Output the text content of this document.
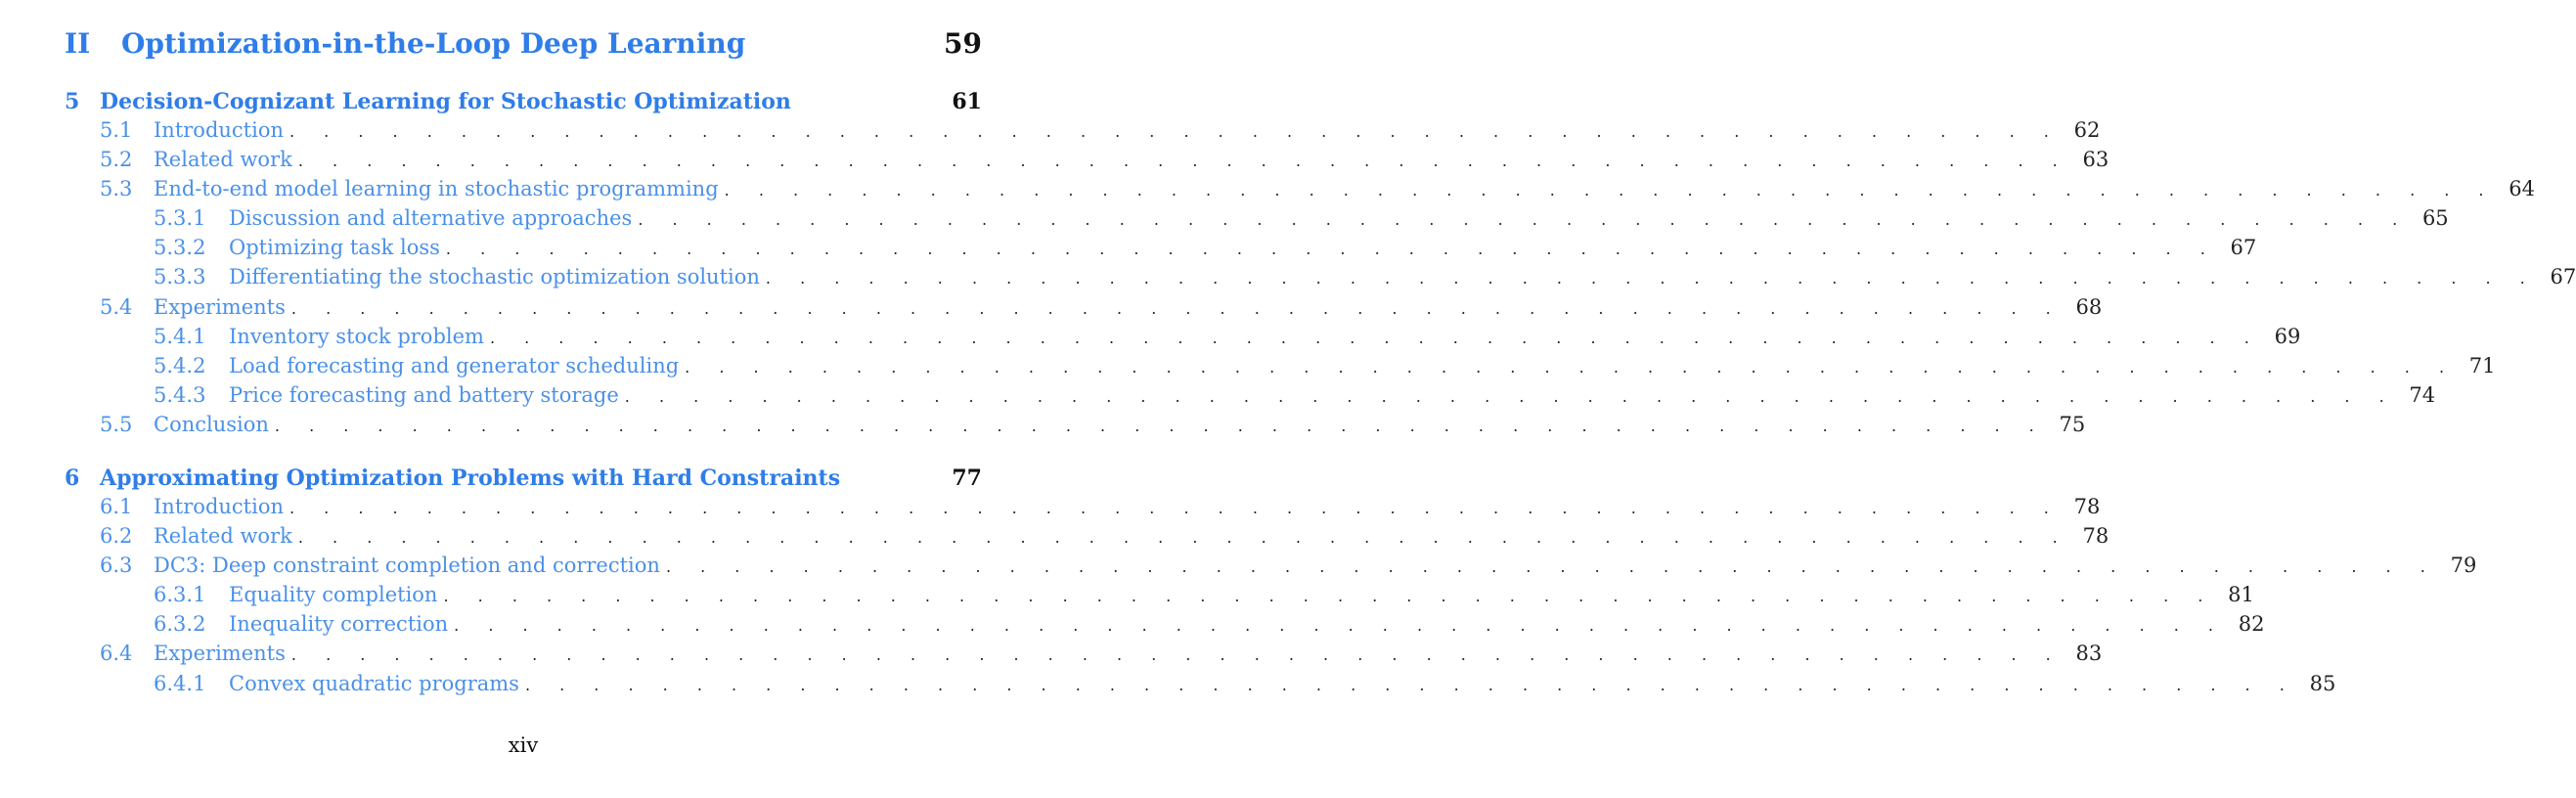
II	Optimization-in-the-Loop Deep Learning	59
5 Decision-Cognizant Learning for Stochastic Optimization	61
5.1	Introduction . . . . . . . . . . . . . . . . . . . . . . . . . . . . . . . . . . . . . . . . . . . . . . . . . . . . 62
5.2	Related work . . . . . . . . . . . . . . . . . . . . . . . . . . . . . . . . . . . . . . . . . . . . . . . . . . . . 63
5.3	End-to-end model learning in stochastic programming . . . . . . . . . . . . . . . . . . . . . . . . . . . . . . . . . . . . . . . . . . . . . . . . . . . . 64
5.3.1	Discussion and alternative approaches . . . . . . . . . . . . . . . . . . . . . . . . . . . . . . . . . . . . . . . . . . . . . . . . . . . . 65
5.3.2	Optimizing task loss . . . . . . . . . . . . . . . . . . . . . . . . . . . . . . . . . . . . . . . . . . . . . . . . . . . . 67
5.3.3	Differentiating the stochastic optimization solution . . . . . . . . . . . . . . . . . . . . . . . . . . . . . . . . . . . . . . . . . . . . . . . . . . . . 67
5.4	Experiments . . . . . . . . . . . . . . . . . . . . . . . . . . . . . . . . . . . . . . . . . . . . . . . . . . . . 68
5.4.1	Inventory stock problem . . . . . . . . . . . . . . . . . . . . . . . . . . . . . . . . . . . . . . . . . . . . . . . . . . . . 69
5.4.2	Load forecasting and generator scheduling . . . . . . . . . . . . . . . . . . . . . . . . . . . . . . . . . . . . . . . . . . . . . . . . . . . . 71
5.4.3	Price forecasting and battery storage . . . . . . . . . . . . . . . . . . . . . . . . . . . . . . . . . . . . . . . . . . . . . . . . . . . . 74
5.5	Conclusion . . . . . . . . . . . . . . . . . . . . . . . . . . . . . . . . . . . . . . . . . . . . . . . . . . . . 75
6 Approximating Optimization Problems with Hard Constraints	77
6.1	Introduction . . . . . . . . . . . . . . . . . . . . . . . . . . . . . . . . . . . . . . . . . . . . . . . . . . . . 78
6.2	Related work . . . . . . . . . . . . . . . . . . . . . . . . . . . . . . . . . . . . . . . . . . . . . . . . . . . . 78
6.3	DC3: Deep constraint completion and correction . . . . . . . . . . . . . . . . . . . . . . . . . . . . . . . . . . . . . . . . . . . . . . . . . . . . 79
6.3.1	Equality completion . . . . . . . . . . . . . . . . . . . . . . . . . . . . . . . . . . . . . . . . . . . . . . . . . . . . 81
6.3.2	Inequality correction . . . . . . . . . . . . . . . . . . . . . . . . . . . . . . . . . . . . . . . . . . . . . . . . . . . . 82
6.4	Experiments . . . . . . . . . . . . . . . . . . . . . . . . . . . . . . . . . . . . . . . . . . . . . . . . . . . . 83
6.4.1	Convex quadratic programs . . . . . . . . . . . . . . . . . . . . . . . . . . . . . . . . . . . . . . . . . . . . . . . . . . . . 85
xiv
